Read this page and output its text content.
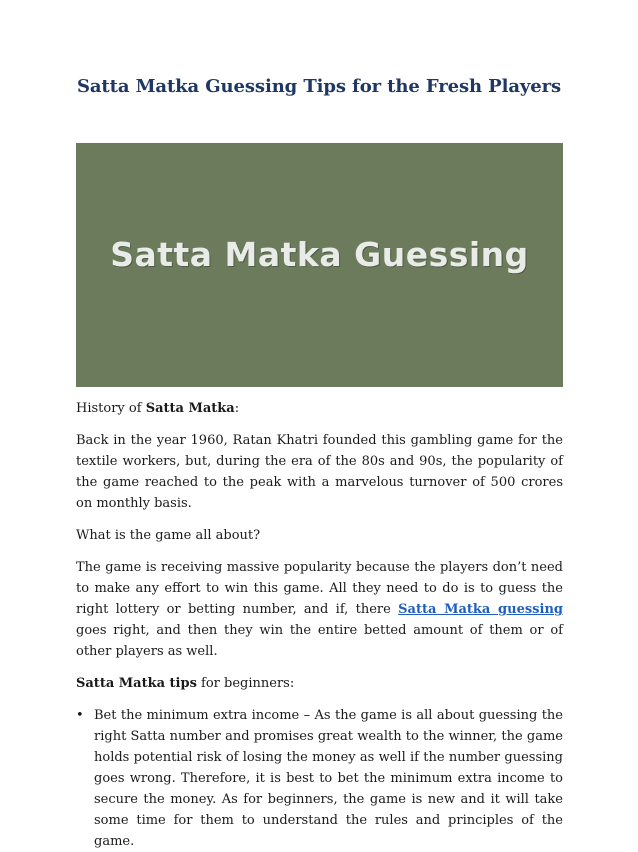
Satta Matka Guessing Tips for the Fresh Players
Satta Matka Guessing

History of Satta Matka:

Back in the year 1960, Ratan Khatri founded this gambling game for the textile workers, but, during the era of the 80s and 90s, the popularity of the game reached to the peak with a marvelous turnover of 500 crores on monthly basis.

What is the game all about?

The game is receiving massive popularity because the players don’t need to make any effort to win this game. All they need to do is to guess the right lottery or betting number, and if, there Satta Matka guessing goes right, and then they win the entire betted amount of them or of other players as well.

Satta Matka tips for beginners:

• Bet the minimum extra income – As the game is all about guessing the right Satta number and promises great wealth to the winner, the game holds potential risk of losing the money as well if the number guessing goes wrong. Therefore, it is best to bet the minimum extra income to secure the money. As for beginners, the game is new and it will take some time for them to understand the rules and principles of the game.
